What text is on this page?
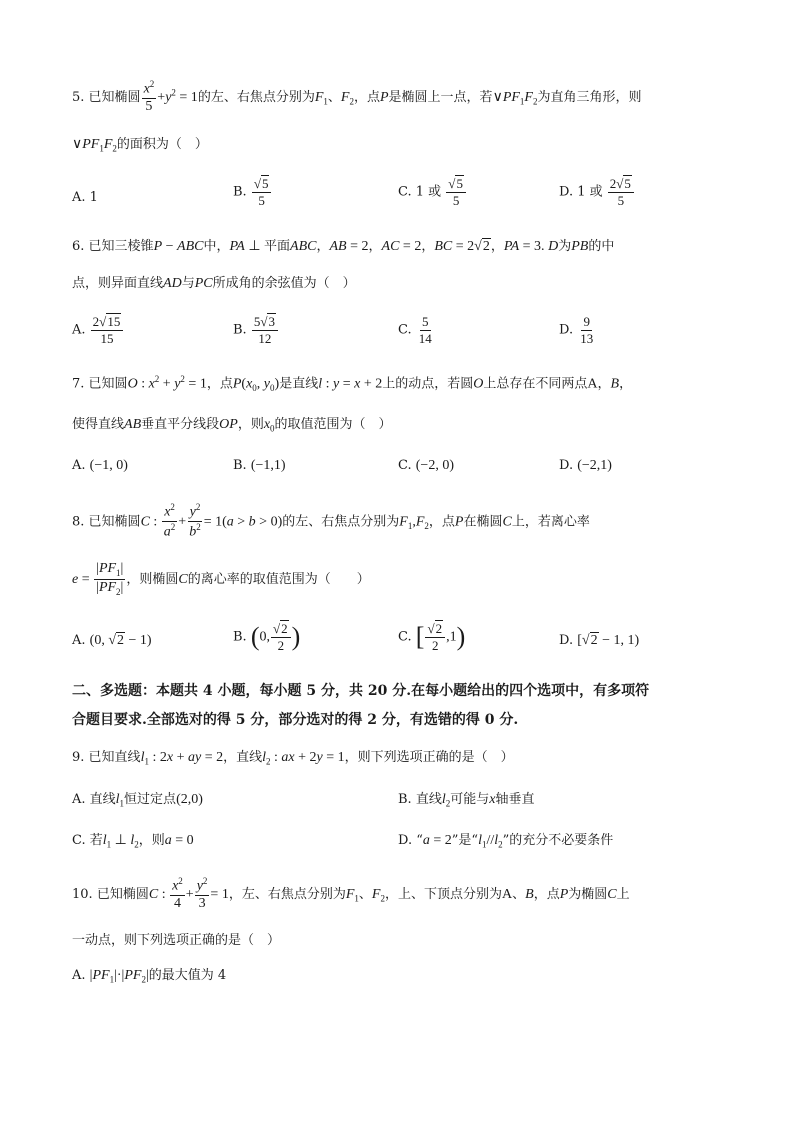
5. 已知椭圆 $\frac{x^2}{5} +y^2 = 1$的左、右焦点分别为$F_1$、$F_2$，点P是椭圆上一点，若$\vee PF_1F_2$为直角三角形，则
$\vee PF_1F_2$的面积为（　）
A. 1	B. $\frac{√5}{5}$	C. 1 或 $\frac{√5}{5}$	D. 1 或 $\frac{2√5}{5}$
6. 已知三棱锥P − ABC中，PA ⊥ 平面ABC，AB = 2，AC = 2，BC = 2√2，PA = 3. D为PB的中
点，则异面直线AD与PC所成角的余弦值为（　）
A. $\frac{2√15}{15}$	B. $\frac{5√3}{12}$	C. $\frac{5}{14}$	D. $\frac{9}{13}$
7. 已知圆O : $x^2 + y^2 = 1$，点$P(x_0$, $y_0$)是直线l : y = x + 2上的动点，若圆O上总存在不同两点A，B，
使得直线AB垂直平分线段OP，则$x_0$的取值范围为（　）
A. (−1, 0)	B. (−1,1)	C. (−2, 0)	D. (−2,1)
8. 已知椭圆C : $\frac{x^2}{a^2} + \frac{y^2}{b^2} = 1(a > b > 0)$的左、右焦点分别为$F_1,F_2$，点P在椭圆C上，若离心率
$e = \frac{|PF_1|}{|PF_2|}$ ，则椭圆C的离心率的取值范围为（　　）
A. (0, √2 − 1)	B. (0, $\frac{√2}{2}$ )	C. [ $\frac{√2}{2} ,1$)	D. [√2 − 1, 1)
二、多选题：本题共 4 小题，每小题 5 分，共 20 分.在每小题给出的四个选项中，有多项符
合题目要求.全部选对的得 5 分，部分选对的得 2 分，有选错的得 0 分.
9. 已知直线$l_1$ : 2x + ay = 2，直线$l_2$ : ax + 2y = 1，则下列选项正确的是（　）
A. 直线$l_1$恒过定点(2,0)	B. 直线$l_2$可能与x轴垂直
C. 若$l_1$ ⊥ $l_2$，则a = 0	D. “a = 2”是“$l_1//l_2$”的充分不必要条件
10. 已知椭圆C : $\frac{x^2}{4} + \frac{y^2}{3} = 1$，左、右焦点分别为$F_1$、$F_2$，上、下顶点分别为A、B，点P为椭圆C上
一动点，则下列选项正确的是（　）
A. $|PF_1|\cdot|PF_2|$的最大值为 4
